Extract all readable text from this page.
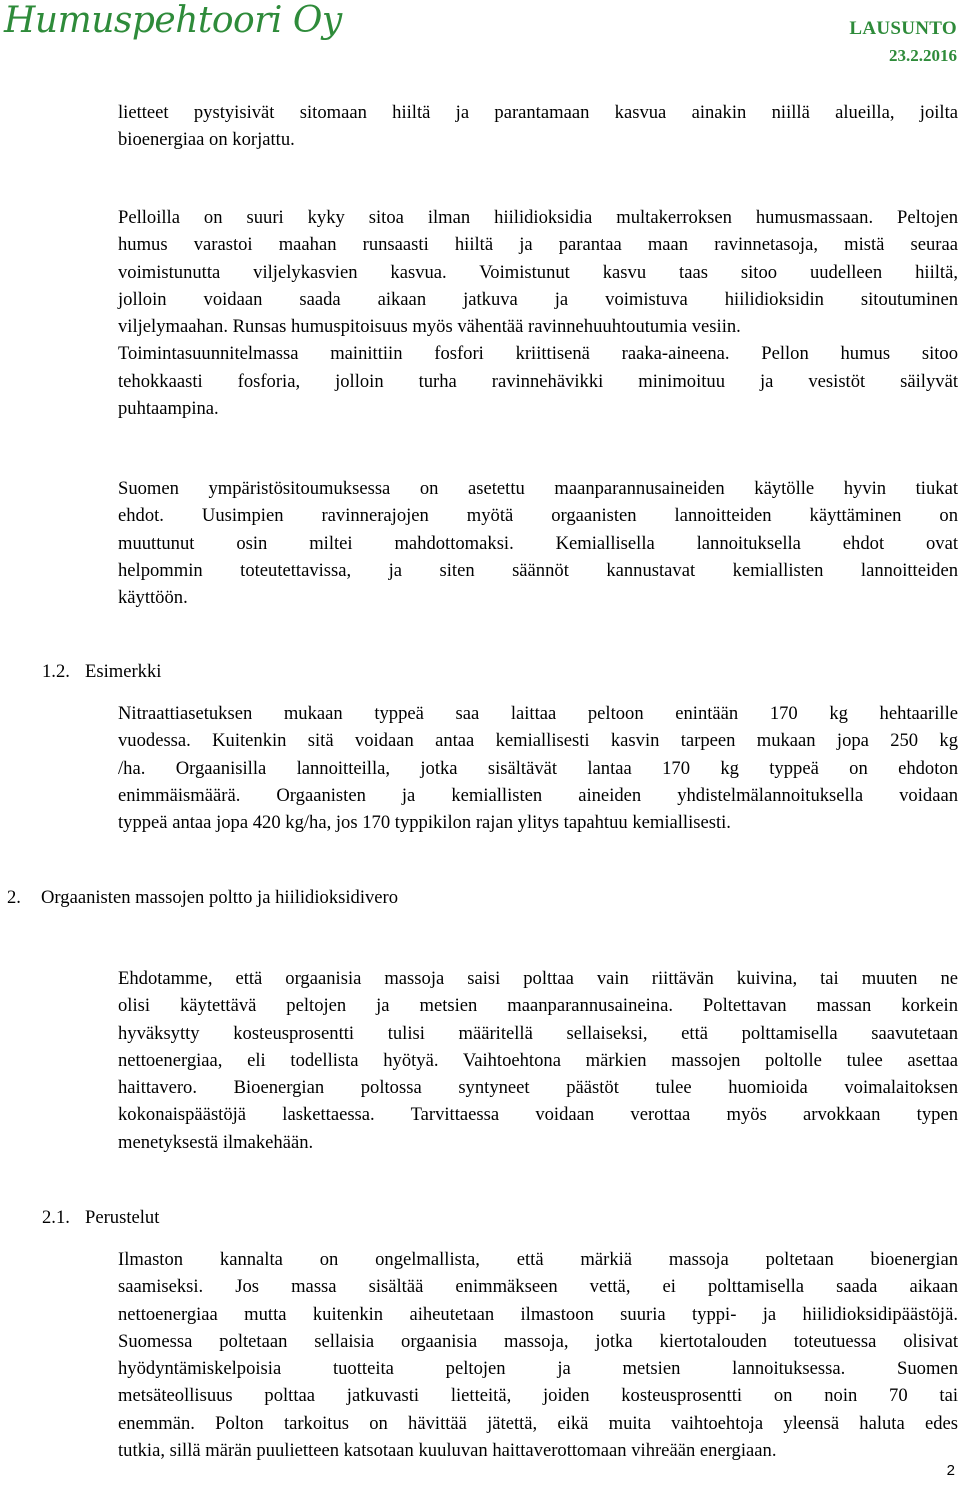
Humuspehtoori Oy	LAUSUNTO
23.2.2016
lietteet pystyisivät sitomaan hiiltä ja parantamaan kasvua ainakin niillä alueilla, joilta
bioenergiaa on korjattu.
Pelloilla on suuri kyky sitoa ilman hiilidioksidia multakerroksen humusmassaan. Peltojen
humus varastoi maahan runsaasti hiiltä ja parantaa maan ravinnetasoja, mistä seuraa
voimistunutta viljelykasvien kasvua. Voimistunut kasvu taas sitoo uudelleen hiiltä,
jolloin voidaan saada aikaan jatkuva ja voimistuva hiilidioksidin sitoutuminen
viljelymaahan. Runsas humuspitoisuus myös vähentää ravinnehuuhtoutumia vesiin.
Toimintasuunnitelmassa mainittiin fosfori kriittisenä raaka-aineena. Pellon humus sitoo
tehokkaasti fosforia, jolloin turha ravinnehävikki minimoituu ja vesistöt säilyvät
puhtaampina.
Suomen ympäristösitoumuksessa on asetettu maanparannusaineiden käytölle hyvin tiukat
ehdot. Uusimpien ravinnerajojen myötä orgaanisten lannoitteiden käyttäminen on
muuttunut osin miltei mahdottomaksi. Kemiallisella lannoituksella ehdot ovat
helpommin toteutettavissa, ja siten säännöt kannustavat kemiallisten lannoitteiden
käyttöön.
1.2. Esimerkki
Nitraattiasetuksen mukaan typpeä saa laittaa peltoon enintään 170 kg hehtaarille
vuodessa. Kuitenkin sitä voidaan antaa kemiallisesti kasvin tarpeen mukaan jopa 250 kg
/ha. Orgaanisilla lannoitteilla, jotka sisältävät lantaa 170 kg typpeä on ehdoton
enimmäismäärä. Orgaanisten ja kemiallisten aineiden yhdistelmälannoituksella voidaan
typpeä antaa jopa 420 kg/ha, jos 170 typpikilon rajan ylitys tapahtuu kemiallisesti.
2. Orgaanisten massojen poltto ja hiilidioksidivero
Ehdotamme, että orgaanisia massoja saisi polttaa vain riittävän kuivina, tai muuten ne
olisi käytettävä peltojen ja metsien maanparannusaineina. Poltettavan massan korkein
hyväksytty kosteusprosentti tulisi määritellä sellaiseksi, että polttamisella saavutetaan
nettoenergiaa, eli todellista hyötyä. Vaihtoehtona märkien massojen poltolle tulee asettaa
haittavero. Bioenergian poltossa syntyneet päästöt tulee huomioida voimalaitoksen
kokonaispäästöjä laskettaessa. Tarvittaessa voidaan verottaa myös arvokkaan typen
menetyksestä ilmakehään.
2.1. Perustelut
Ilmaston kannalta on ongelmallista, että märkiä massoja poltetaan bioenergian
saamiseksi. Jos massa sisältää enimmäkseen vettä, ei polttamisella saada aikaan
nettoenergiaa mutta kuitenkin aiheutetaan ilmastoon suuria typpi- ja hiilidioksidipäästöjä.
Suomessa poltetaan sellaisia orgaanisia massoja, jotka kiertotalouden toteutuessa olisivat
hyödyntämiskelpoisia tuotteita peltojen ja metsien lannoituksessa. Suomen
metsäteollisuus polttaa jatkuvasti lietteitä, joiden kosteusprosentti on noin 70 tai
enemmän. Polton tarkoitus on hävittää jätettä, eikä muita vaihtoehtoja yleensä haluta edes
tutkia, sillä märän puulietteen katsotaan kuuluvan haittaverottomaan vihreään energiaan.
2
